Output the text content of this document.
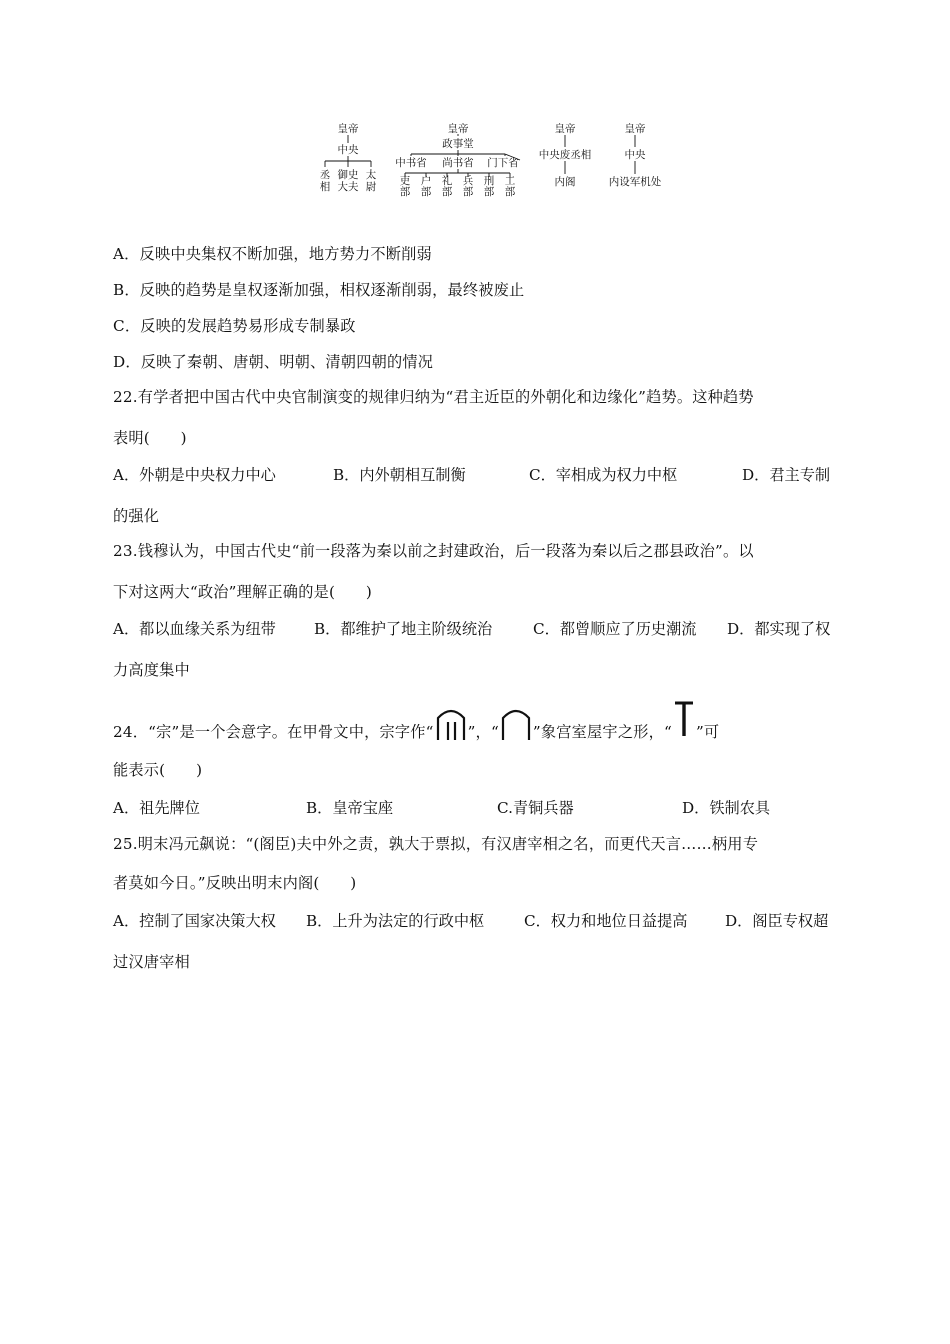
皇帝
中央
丞
相
御史
大夫
太
尉
皇帝
政事堂
中书省 尚书省 门下省
吏
部
户
部
礼
部
兵
部
刑
部
工
部
皇帝
中央废丞相
内阁
皇帝
中央
内设军机处
A．反映中央集权不断加强，地方势力不断削弱
B．反映的趋势是皇权逐渐加强，相权逐渐削弱，最终被废止
C．反映的发展趋势易形成专制暴政
D．反映了秦朝、唐朝、明朝、清朝四朝的情况
22.有学者把中国古代中央官制演变的规律归纳为“君主近臣的外朝化和边缘化”趋势。这种趋势
表明(　　)
A．外朝是中央权力中心	B．内外朝相互制衡	C．宰相成为权力中枢	D．君主专制
的强化
23.钱穆认为，中国古代史“前一段落为秦以前之封建政治，后一段落为秦以后之郡县政治”。以
下对这两大“政治”理解正确的是(　　)
A．都以血缘关系为纽带	B．都维护了地主阶级统治	C．都曾顺应了历史潮流 D．都实现了权
力高度集中
24．“宗”是一个会意字。在甲骨文中，宗字作“ ”，“ ”象宫室屋宇之形，“ ”可
能表示(　　)
A．祖先牌位	B．皇帝宝座	C.青铜兵器	D．铁制农具
25.明末冯元飙说：“(阁臣)夫中外之责，孰大于票拟，有汉唐宰相之名，而更代天言……柄用专
者莫如今日。”反映出明末内阁(　　)
A．控制了国家决策大权 B．上升为法定的行政中枢	C．权力和地位日益提高 D．阁臣专权超
过汉唐宰相
